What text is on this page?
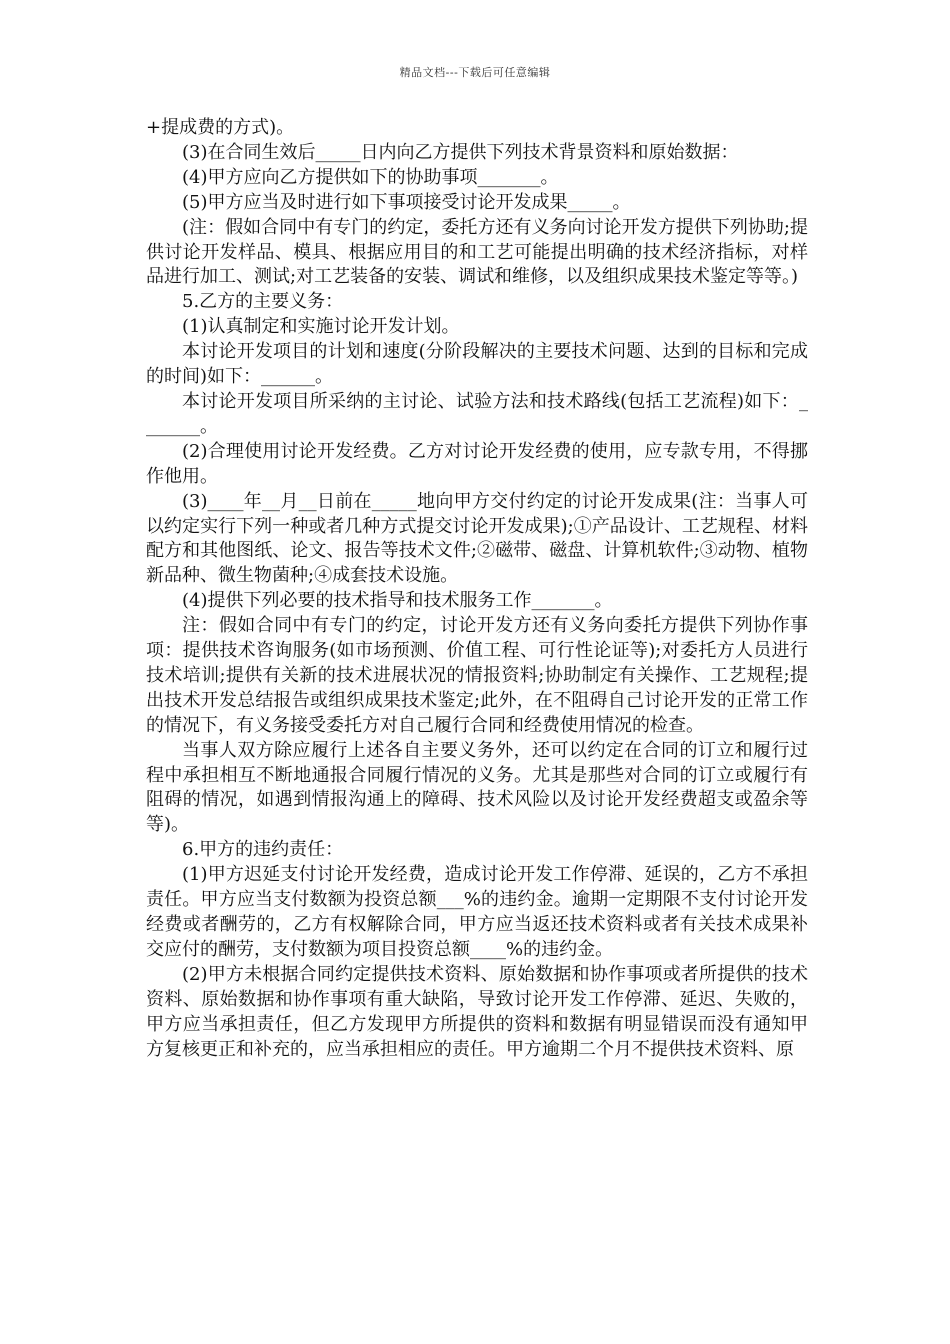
精品文档---下载后可任意编辑

+提成费的方式)。

(3)在合同生效后_____日内向乙方提供下列技术背景资料和原始数据：

(4)甲方应向乙方提供如下的协助事项_______。

(5)甲方应当及时进行如下事项接受讨论开发成果_____。

(注：假如合同中有专门的约定，委托方还有义务向讨论开发方提供下列协助;提供讨论开发样品、模具、根据应用目的和工艺可能提出明确的技术经济指标，对样品进行加工、测试;对工艺装备的安装、调试和维修，以及组织成果技术鉴定等等。)

5.乙方的主要义务：

(1)认真制定和实施讨论开发计划。

本讨论开发项目的计划和速度(分阶段解决的主要技术问题、达到的目标和完成的时间)如下：______。

本讨论开发项目所采纳的主讨论、试验方法和技术路线(包括工艺流程)如下：_______。

(2)合理使用讨论开发经费。乙方对讨论开发经费的使用，应专款专用，不得挪作他用。

(3)____年__月__日前在_____地向甲方交付约定的讨论开发成果(注：当事人可以约定实行下列一种或者几种方式提交讨论开发成果);①产品设计、工艺规程、材料配方和其他图纸、论文、报告等技术文件;②磁带、磁盘、计算机软件;③动物、植物新品种、微生物菌种;④成套技术设施。

(4)提供下列必要的技术指导和技术服务工作_______。

注：假如合同中有专门的约定，讨论开发方还有义务向委托方提供下列协作事项：提供技术咨询服务(如市场预测、价值工程、可行性论证等);对委托方人员进行技术培训;提供有关新的技术进展状况的情报资料;协助制定有关操作、工艺规程;提出技术开发总结报告或组织成果技术鉴定;此外，在不阻碍自己讨论开发的正常工作的情况下，有义务接受委托方对自己履行合同和经费使用情况的检查。

当事人双方除应履行上述各自主要义务外，还可以约定在合同的订立和履行过程中承担相互不断地通报合同履行情况的义务。尤其是那些对合同的订立或履行有阻碍的情况，如遇到情报沟通上的障碍、技术风险以及讨论开发经费超支或盈余等等)。

6.甲方的违约责任：

(1)甲方迟延支付讨论开发经费，造成讨论开发工作停滞、延误的，乙方不承担责任。甲方应当支付数额为投资总额___%的违约金。逾期一定期限不支付讨论开发经费或者酬劳的，乙方有权解除合同，甲方应当返还技术资料或者有关技术成果补交应付的酬劳，支付数额为项目投资总额____%的违约金。

(2)甲方未根据合同约定提供技术资料、原始数据和协作事项或者所提供的技术资料、原始数据和协作事项有重大缺陷，导致讨论开发工作停滞、延迟、失败的，甲方应当承担责任，但乙方发现甲方所提供的资料和数据有明显错误而没有通知甲方复核更正和补充的，应当承担相应的责任。甲方逾期二个月不提供技术资料、原
